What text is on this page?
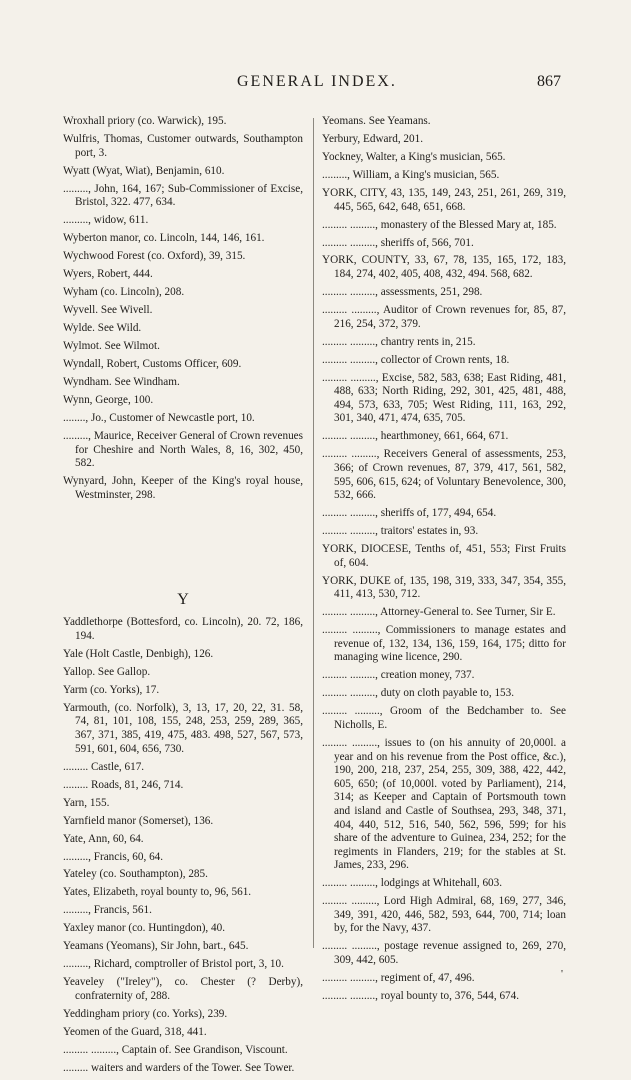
GENERAL INDEX.	867

Wroxhall priory (co. Warwick), 195.

Wulfris, Thomas, Customer outwards, Southampton port, 3.

Wyatt (Wyat, Wiat), Benjamin, 610.

........., John, 164, 167; Sub-Commissioner of Excise, Bristol, 322. 477, 634.

........., widow, 611.

Wyberton manor, co. Lincoln, 144, 146, 161.

Wychwood Forest (co. Oxford), 39, 315.

Wyers, Robert, 444.

Wyham (co. Lincoln), 208.

Wyvell. See Wivell.

Wylde. See Wild.

Wylmot. See Wilmot.

Wyndall, Robert, Customs Officer, 609.

Wyndham. See Windham.

Wynn, George, 100.

........, Jo., Customer of Newcastle port, 10.

........., Maurice, Receiver General of Crown revenues for Cheshire and North Wales, 8, 16, 302, 450, 582.

Wynyard, John, Keeper of the King's royal house, Westminster, 298.

Y

Yaddlethorpe (Bottesford, co. Lincoln), 20. 72, 186, 194.

Yale (Holt Castle, Denbigh), 126.

Yallop. See Gallop.

Yarm (co. Yorks), 17.

Yarmouth, (co. Norfolk), 3, 13, 17, 20, 22, 31. 58, 74, 81, 101, 108, 155, 248, 253, 259, 289, 365, 367, 371, 385, 419, 475, 483. 498, 527, 567, 573, 591, 601, 604, 656, 730.

......... Castle, 617.

......... Roads, 81, 246, 714.

Yarn, 155.

Yarnfield manor (Somerset), 136.

Yate, Ann, 60, 64.

........., Francis, 60, 64.

Yateley (co. Southampton), 285.

Yates, Elizabeth, royal bounty to, 96, 561.

........., Francis, 561.

Yaxley manor (co. Huntingdon), 40.

Yeamans (Yeomans), Sir John, bart., 645.

........., Richard, comptroller of Bristol port, 3, 10.

Yeaveley ("Ireley"), co. Chester (? Derby), confraternity of, 288.

Yeddingham priory (co. Yorks), 239.

Yeomen of the Guard, 318, 441.

......... ........., Captain of. See Grandison, Viscount.

......... waiters and warders of the Tower. See Tower.

Yeomans. See Yeamans.

Yerbury, Edward, 201.

Yockney, Walter, a King's musician, 565.

........., William, a King's musician, 565.

YORK, CITY, 43, 135, 149, 243, 251, 261, 269, 319, 445, 565, 642, 648, 651, 668.

......... ........., monastery of the Blessed Mary at, 185.

......... ........., sheriffs of, 566, 701.

YORK, COUNTY, 33, 67, 78, 135, 165, 172, 183, 184, 274, 402, 405, 408, 432, 494. 568, 682.

......... ........., assessments, 251, 298.

......... ........., Auditor of Crown revenues for, 85, 87, 216, 254, 372, 379.

......... ........., chantry rents in, 215.

......... ........., collector of Crown rents, 18.

......... ........., Excise, 582, 583, 638; East Riding, 481, 488, 633; North Riding, 292, 301, 425, 481, 488, 494, 573, 633, 705; West Riding, 111, 163, 292, 301, 340, 471, 474, 635, 705.

......... ........., hearthmoney, 661, 664, 671.

......... ........., Receivers General of assessments, 253, 366; of Crown revenues, 87, 379, 417, 561, 582, 595, 606, 615, 624; of Voluntary Benevolence, 300, 532, 666.

......... ........., sheriffs of, 177, 494, 654.

......... ........., traitors' estates in, 93.

YORK, DIOCESE, Tenths of, 451, 553; First Fruits of, 604.

YORK, DUKE of, 135, 198, 319, 333, 347, 354, 355, 411, 413, 530, 712.

......... ........., Attorney-General to. See Turner, Sir E.

......... ........., Commissioners to manage estates and revenue of, 132, 134, 136, 159, 164, 175; ditto for managing wine licence, 290.

......... ........., creation money, 737.

......... ........., duty on cloth payable to, 153.

......... ........., Groom of the Bedchamber to. See Nicholls, E.

......... ........., issues to (on his annuity of 20,000l. a year and on his revenue from the Post office, &c.), 190, 200, 218, 237, 254, 255, 309, 388, 422, 442, 605, 650; (of 10,000l. voted by Parliament), 214, 314; as Keeper and Captain of Portsmouth town and island and Castle of Southsea, 293, 348, 371, 404, 440, 512, 516, 540, 562, 596, 599; for his share of the adventure to Guinea, 234, 252; for the regiments in Flanders, 219; for the stables at St. James, 233, 296.

......... ........., lodgings at Whitehall, 603.

......... ........., Lord High Admiral, 68, 169, 277, 346, 349, 391, 420, 446, 582, 593, 644, 700, 714; loan by, for the Navy, 437.

......... ........., postage revenue assigned to, 269, 270, 309, 442, 605.

......... ........., regiment of, 47, 496.

......... ........., royal bounty to, 376, 544, 674.

'
